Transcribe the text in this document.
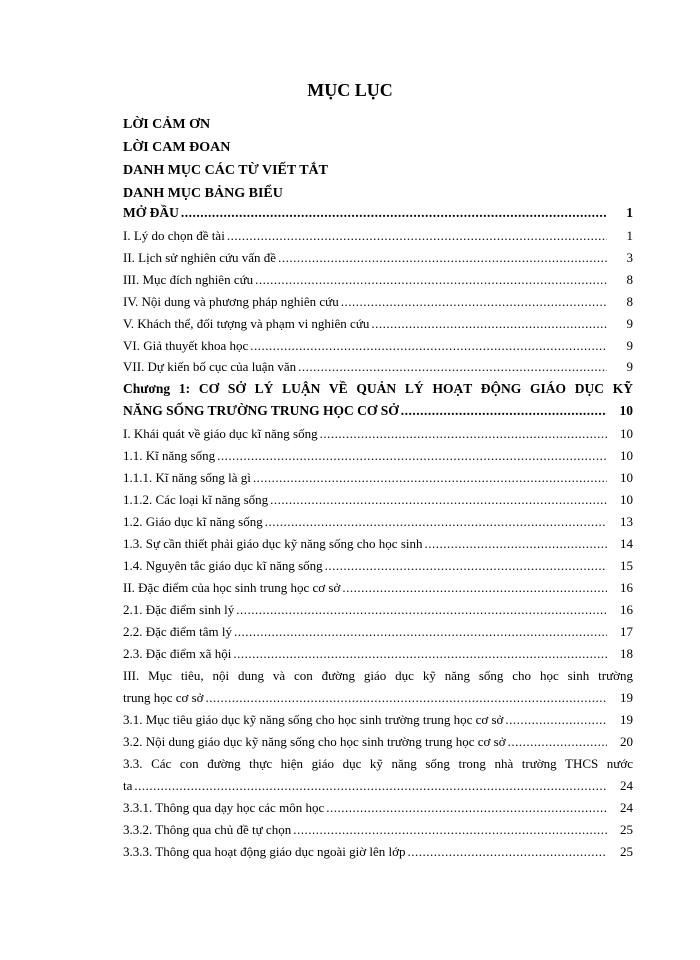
MỤC LỤC
LỜI CẢM ƠN
LỜI CAM ĐOAN
DANH MỤC CÁC TỪ VIẾT TẮT
DANH MỤC BẢNG BIỂU
MỞ ĐẦU .....	1
I. Lý do chọn đề tài .....	1
II. Lịch sử nghiên cứu vấn đề .....	3
III. Mục đích nghiên cứu .....	8
IV. Nội dung và phương pháp nghiên cứu .....	8
V. Khách thể, đối tượng và phạm vi nghiên cứu .....	9
VI. Giả thuyết khoa học .....	9
VII. Dự kiến bố cục của luận văn .....	9
Chương 1: CƠ SỞ LÝ LUẬN VỀ QUẢN LÝ HOẠT ĐỘNG GIÁO DỤC KỸ
NĂNG SỐNG TRƯỜNG TRUNG HỌC CƠ SỞ .....	10
I. Khái quát về giáo dục kĩ năng sống .....	10
1.1. Kĩ năng sống .....	10
1.1.1. Kĩ năng sống là gì .....	10
1.1.2. Các loại kĩ năng sống .....	10
1.2. Giáo dục kĩ năng sống .....	13
1.3. Sự cần thiết phải giáo dục kỹ năng sống cho học sinh .....	14
1.4. Nguyên tắc giáo dục kĩ năng sống .....	15
II. Đặc điểm của học sinh trung học cơ sở .....	16
2.1. Đặc điểm sinh lý .....	16
2.2. Đặc điểm tâm lý .....	17
2.3. Đặc điểm xã hội .....	18
III. Mục tiêu, nội dung và con đường giáo dục kỹ năng sống cho học sinh trường
trung học cơ sở .....	19
3.1. Mục tiêu giáo dục kỹ năng sống cho học sinh trường trung học cơ sở .....	19
3.2. Nội dung giáo dục kỹ năng sống cho học sinh trường trung học cơ sở .....	20
3.3. Các con đường thực hiện giáo dục kỹ năng sống trong nhà trường THCS nước
ta .....	24
3.3.1. Thông qua dạy học các môn học .....	24
3.3.2. Thông qua chủ đề tự chọn .....	25
3.3.3. Thông qua hoạt động giáo dục ngoài giờ lên lớp .....	25
